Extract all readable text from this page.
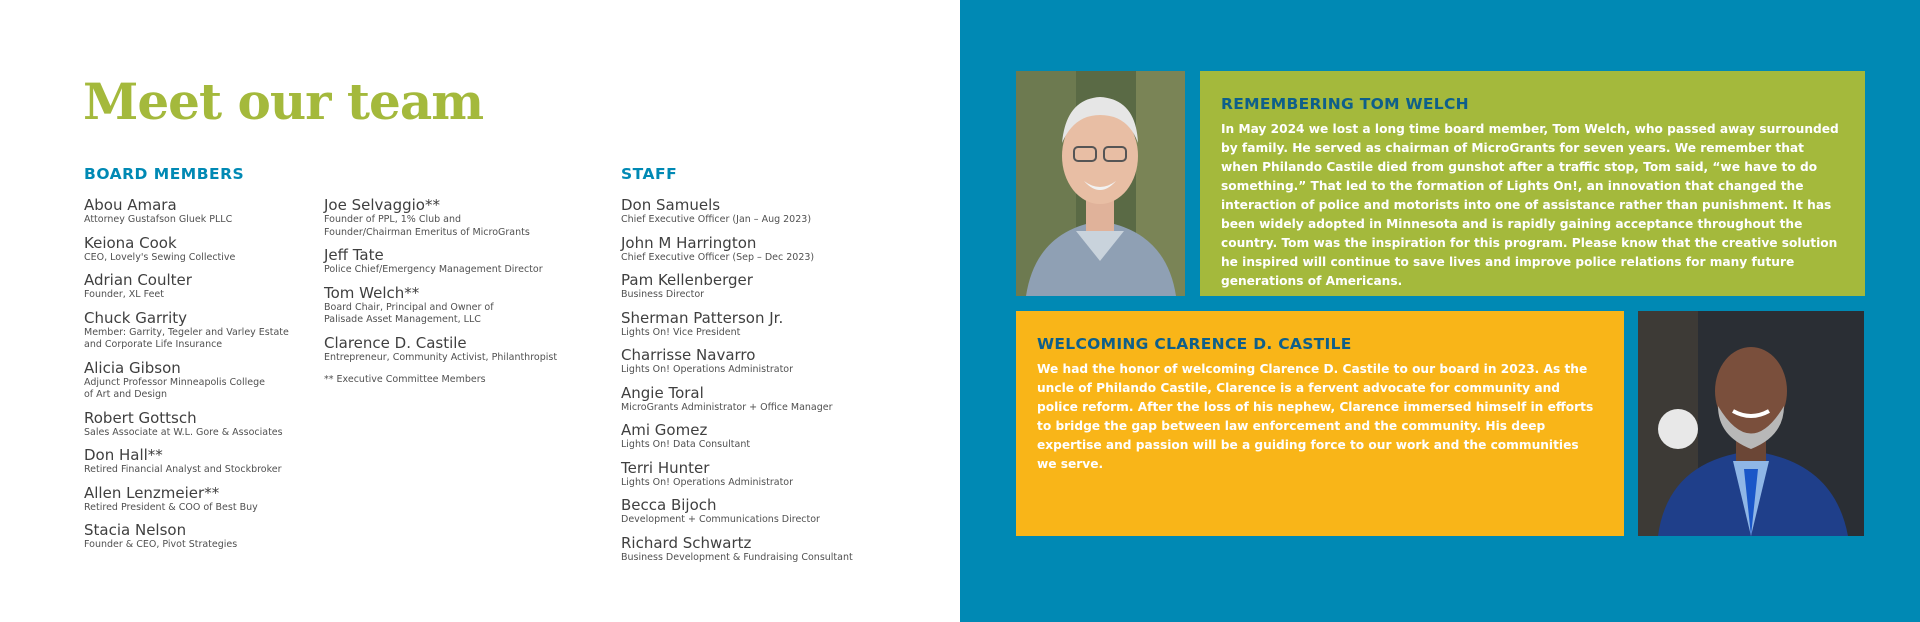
Meet our team
BOARD MEMBERS
Abou Amara
Attorney Gustafson Gluek PLLC
Keiona Cook
CEO, Lovely's Sewing Collective
Adrian Coulter
Founder, XL Feet
Chuck Garrity
Member: Garrity, Tegeler and Varley Estate
and Corporate Life Insurance
Alicia Gibson
Adjunct Professor Minneapolis College
of Art and Design
Robert Gottsch
Sales Associate at W.L. Gore & Associates
Don Hall**
Retired Financial Analyst and Stockbroker
Allen Lenzmeier**
Retired President & COO of Best Buy
Stacia Nelson
Founder & CEO, Pivot Strategies
Joe Selvaggio**
Founder of PPL, 1% Club and
Founder/Chairman Emeritus of MicroGrants
Jeff Tate
Police Chief/Emergency Management Director
Tom Welch**
Board Chair, Principal and Owner of
Palisade Asset Management, LLC
Clarence D. Castile
Entrepreneur, Community Activist, Philanthropist
** Executive Committee Members
STAFF
Don Samuels
Chief Executive Officer (Jan – Aug 2023)
John M Harrington
Chief Executive Officer (Sep – Dec 2023)
Pam Kellenberger
Business Director
Sherman Patterson Jr.
Lights On! Vice President
Charrisse Navarro
Lights On! Operations Administrator
Angie Toral
MicroGrants Administrator + Office Manager
Ami Gomez
Lights On! Data Consultant
Terri Hunter
Lights On! Operations Administrator
Becca Bijoch
Development + Communications Director
Richard Schwartz
Business Development & Fundraising Consultant
REMEMBERING TOM WELCH

In May 2024 we lost a long time board member, Tom Welch, who passed away surrounded by family. He served as chairman of MicroGrants for seven years. We remember that when Philando Castile died from gunshot after a traffic stop, Tom said, “we have to do something.” That led to the formation of Lights On!, an innovation that changed the interaction of police and motorists into one of assistance rather than punishment. It has been widely adopted in Minnesota and is rapidly gaining acceptance throughout the country. Tom was the inspiration for this program. Please know that the creative solution he inspired will continue to save lives and improve police relations for many future generations of Americans.

WELCOMING CLARENCE D. CASTILE

We had the honor of welcoming Clarence D. Castile to our board in 2023. As the uncle of Philando Castile, Clarence is a fervent advocate for community and police reform. After the loss of his nephew, Clarence immersed himself in efforts to bridge the gap between law enforcement and the community. His deep expertise and passion will be a guiding force to our work and the communities we serve.
